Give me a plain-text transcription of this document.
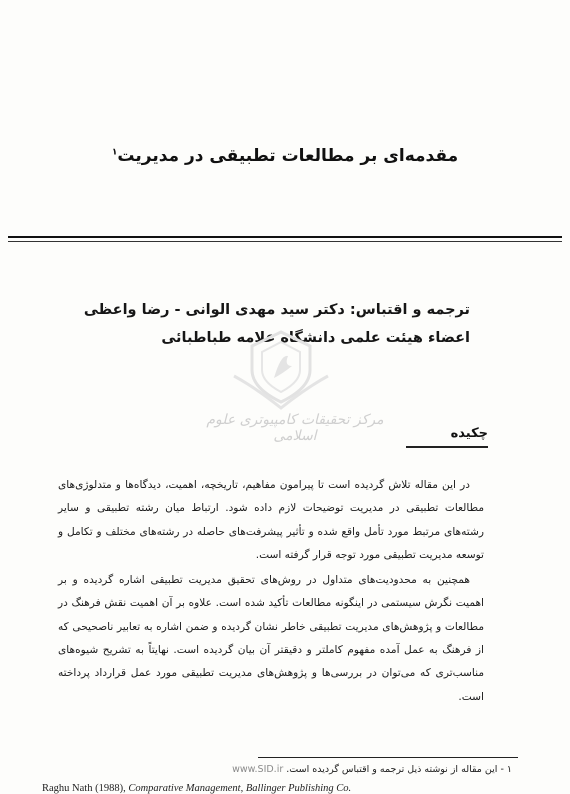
مقدمه‌ای بر مطالعات تطبیقی در مدیریت$^۱$
ترجمه و اقتباس: دکتر سید مهدی الوانی - رضا واعظی
اعضاء هیئت علمی دانشگاه علامه طباطبائی
مرکز تحقیقات کامپیوتری علوم اسلامی	چکیده

در این مقاله تلاش گردیده است تا پیرامون مفاهیم، تاریخچه، اهمیت، دیدگاه‌ها و متدلوژی‌های مطالعات تطبیقی در مدیریت توضیحات لازم داده شود. ارتباط میان رشته تطبیقی و سایر رشته‌های مرتبط مورد تأمل واقع شده و تأثیر پیشرفت‌های حاصله در رشته‌های مختلف و تکامل و توسعه مدیریت تطبیقی مورد توجه قرار گرفته است.

همچنین به محدودیت‌های متداول در روش‌های تحقیق مدیریت تطبیقی اشاره گردیده و بر اهمیت نگرش سیستمی در اینگونه مطالعات تأکید شده است. علاوه بر آن اهمیت نقش فرهنگ در مطالعات و پژوهش‌های مدیریت تطبیقی خاطر نشان گردیده و ضمن اشاره به تعابیر ناصحیحی که از فرهنگ به عمل آمده مفهوم کاملتر و دقیقتر آن بیان گردیده است. نهایتاً به تشریح شیوه‌های مناسب‌تری که می‌توان در بررسی‌ها و پژوهش‌های مدیریت تطبیقی مورد عمل قرارداد پرداخته است.

۱ - این مقاله از نوشته ذیل ترجمه و اقتباس گردیده است. www.SID.ir
Raghu Nath (1988), Comparative Management, Ballinger Publishing Co.
